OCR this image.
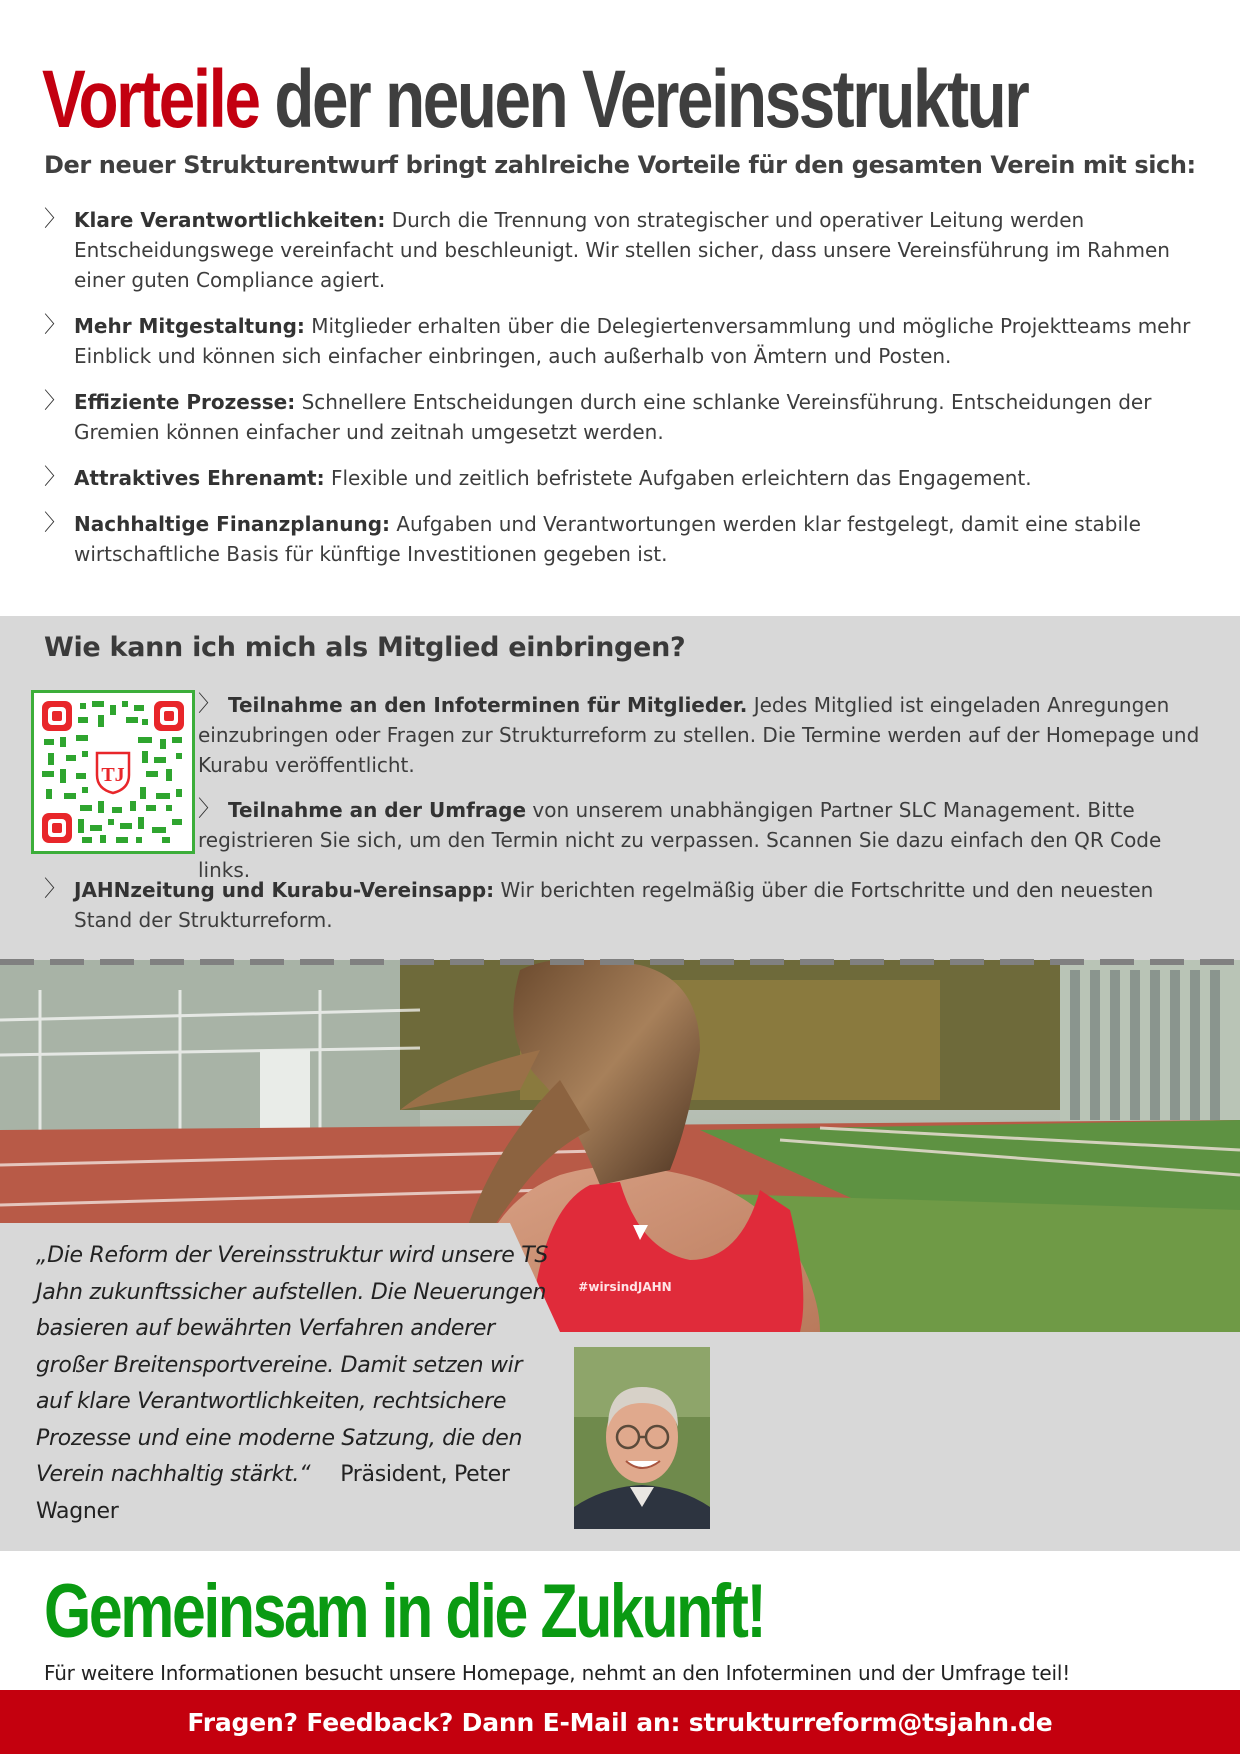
Vorteile der neuen Vereinsstruktur

Der neuer Strukturentwurf bringt zahlreiche Vorteile für den gesamten Verein mit sich:

〉 Klare Verantwortlichkeiten: Durch die Trennung von strategischer und operativer Leitung werden Entscheidungswege vereinfacht und beschleunigt. Wir stellen sicher, dass unsere Vereinsführung im Rahmen einer guten Compliance agiert.
〉 Mehr Mitgestaltung: Mitglieder erhalten über die Delegiertenversammlung und mögliche Projektteams mehr Einblick und können sich einfacher einbringen, auch außerhalb von Ämtern und Posten.
〉 Effiziente Prozesse: Schnellere Entscheidungen durch eine schlanke Vereinsführung. Entscheidungen der Gremien können einfacher und zeitnah umgesetzt werden.
〉 Attraktives Ehrenamt: Flexible und zeitlich befristete Aufgaben erleichtern das Engagement.
〉 Nachhaltige Finanzplanung: Aufgaben und Verantwortungen werden klar festgelegt, damit eine stabile wirtschaftliche Basis für künftige Investitionen gegeben ist.
Wie kann ich mich als Mitglied einbringen?
TJ
〉 Teilnahme an den Infoterminen für Mitglieder. Jedes Mitglied ist eingeladen Anregungen einzubringen oder Fragen zur Strukturreform zu stellen. Die Termine werden auf der Homepage und Kurabu veröffentlicht.
〉 Teilnahme an der Umfrage von unserem unabhängigen Partner SLC Management. Bitte registrieren Sie sich, um den Termin nicht zu verpassen. Scannen Sie dazu einfach den QR Code links.
〉 JAHNzeitung und Kurabu-Vereinsapp: Wir berichten regelmäßig über die Fortschritte und den neuesten Stand der Strukturreform.
#wirsindJAHN

„Die Reform der Vereinsstruktur wird unsere TS Jahn zukunftssicher aufstellen. Die Neuerungen basieren auf bewährten Verfahren anderer großer Breitensportvereine. Damit setzen wir auf klare Verantwortlichkeiten, rechtsichere Prozesse und eine moderne Satzung, die den Verein nachhaltig stärkt.“ Präsident, Peter Wagner

Gemeinsam in die Zukunft!

Für weitere Informationen besucht unsere Homepage, nehmt an den Infoterminen und der Umfrage teil!

Fragen? Feedback? Dann E-Mail an: strukturreform@tsjahn.de
